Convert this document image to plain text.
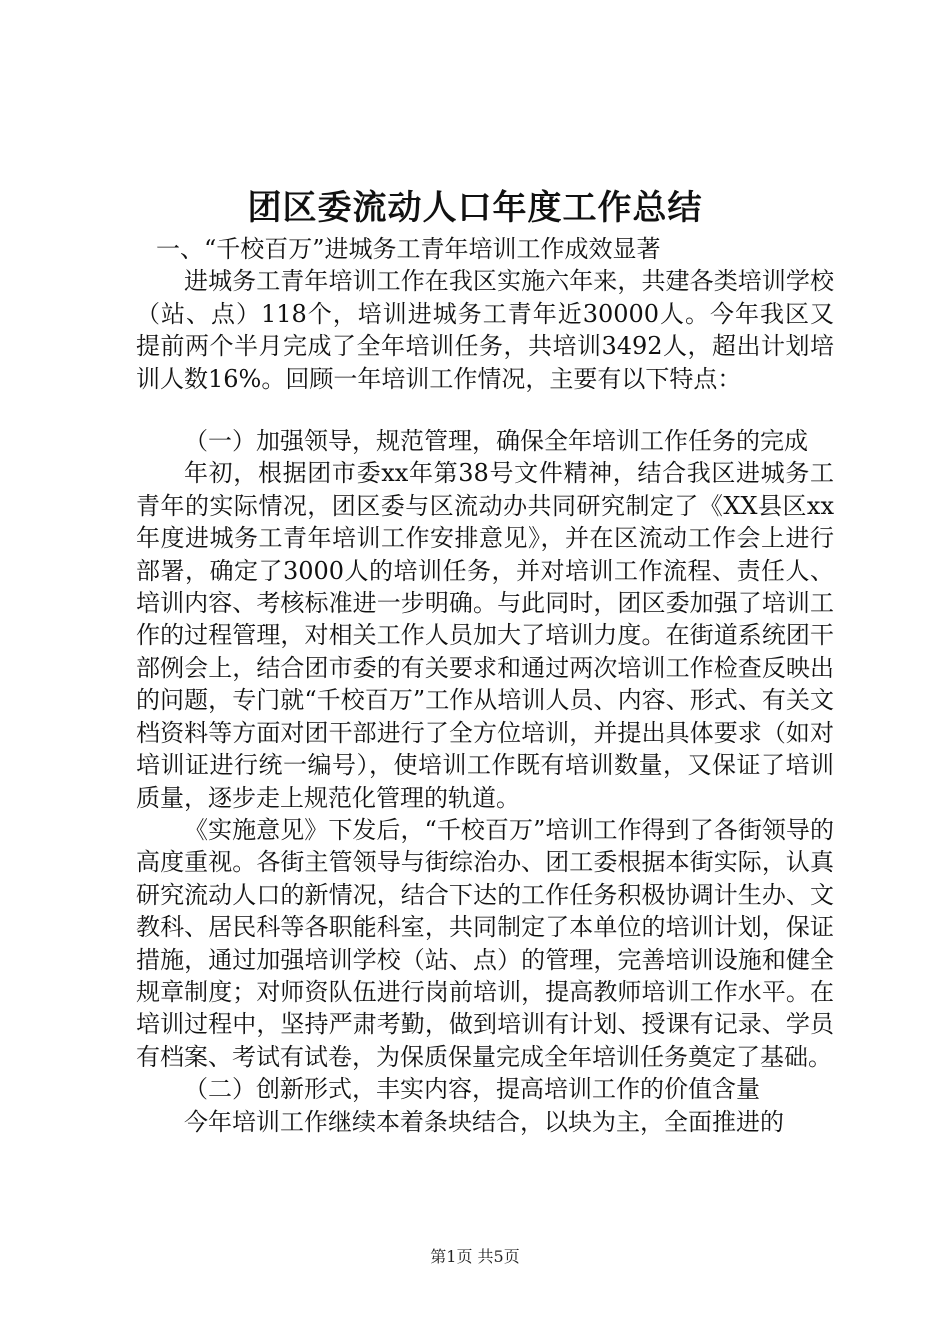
团区委流动人口年度工作总结

一、“千校百万”进城务工青年培训工作成效显著

进城务工青年培训工作在我区实施六年来，共建各类培训学校（站、点）118个，培训进城务工青年近30000人。今年我区又提前两个半月完成了全年培训任务，共培训3492人，超出计划培训人数16%。回顾一年培训工作情况，主要有以下特点：

（一）加强领导，规范管理，确保全年培训工作任务的完成

年初，根据团市委xx年第38号文件精神，结合我区进城务工青年的实际情况，团区委与区流动办共同研究制定了《XX县区xx年度进城务工青年培训工作安排意见》，并在区流动工作会上进行部署，确定了3000人的培训任务，并对培训工作流程、责任人、培训内容、考核标准进一步明确。与此同时，团区委加强了培训工作的过程管理，对相关工作人员加大了培训力度。在街道系统团干部例会上，结合团市委的有关要求和通过两次培训工作检查反映出的问题，专门就“千校百万”工作从培训人员、内容、形式、有关文档资料等方面对团干部进行了全方位培训，并提出具体要求（如对培训证进行统一编号），使培训工作既有培训数量，又保证了培训质量，逐步走上规范化管理的轨道。

《实施意见》下发后，“千校百万”培训工作得到了各街领导的高度重视。各街主管领导与街综治办、团工委根据本街实际，认真研究流动人口的新情况，结合下达的工作任务积极协调计生办、文教科、居民科等各职能科室，共同制定了本单位的培训计划，保证措施，通过加强培训学校（站、点）的管理，完善培训设施和健全规章制度；对师资队伍进行岗前培训，提高教师培训工作水平。在培训过程中，坚持严肃考勤，做到培训有计划、授课有记录、学员有档案、考试有试卷，为保质保量完成全年培训任务奠定了基础。

（二）创新形式，丰实内容，提高培训工作的价值含量

今年培训工作继续本着条块结合，以块为主，全面推进的

第1页 共5页
